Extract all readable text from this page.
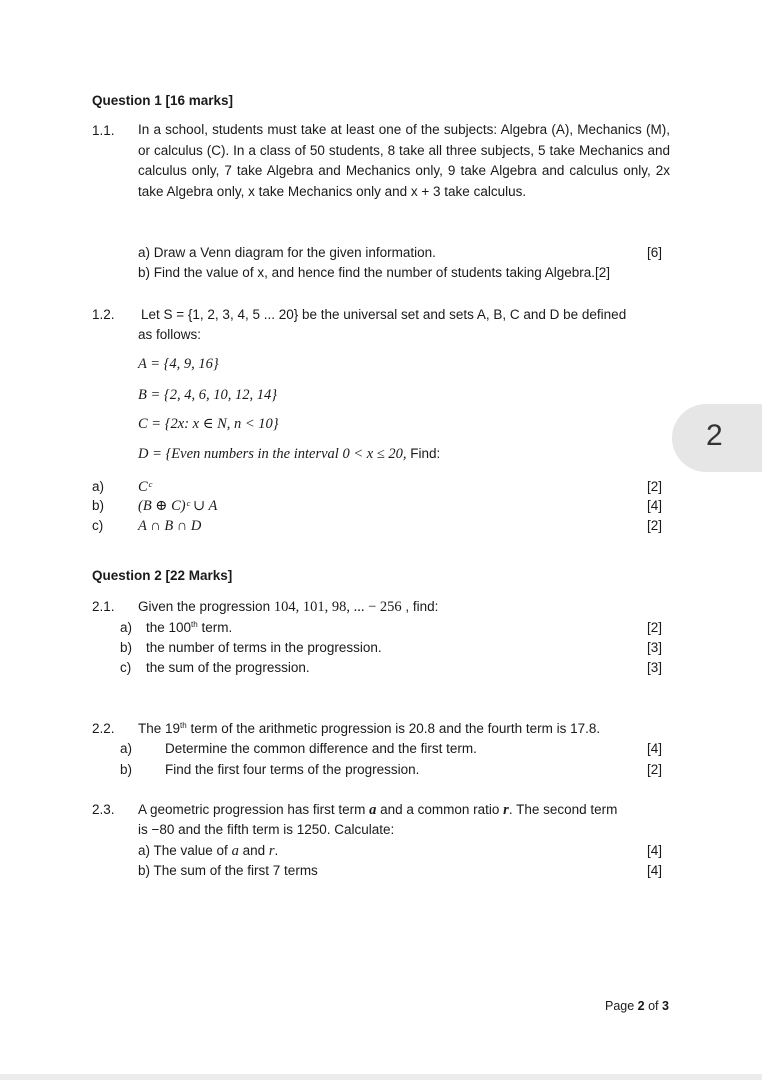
Question 1 [16 marks]
1.1. In a school, students must take at least one of the subjects: Algebra (A), Mechanics (M), or calculus (C). In a class of 50 students, 8 take all three subjects, 5 take Mechanics and calculus only, 7 take Algebra and Mechanics only, 9 take Algebra and calculus only, 2x take Algebra only, x take Mechanics only and x + 3 take calculus.
a) Draw a Venn diagram for the given information.	[6]
b) Find the value of x, and hence find the number of students taking Algebra.[2]
1.2. Let S = {1, 2, 3, 4, 5 ... 20} be the universal set and sets A, B, C and D be defined
as follows:
A = {4, 9, 16}
B = {2, 4, 6, 10, 12, 14}
C = {2x: x ∈ N, n < 10}
D = {Even numbers in the interval 0 < x ≤ 20, Find:
a) Cᶜ	[2]
b) (B ⊕ C)ᶜ ∪ A	[4]
c) A ∩ B ∩ D	[2]
Question 2 [22 Marks]
2.1. Given the progression 104, 101, 98, ... − 256 , find:
a) the 100th term.	[2]
b) the number of terms in the progression.	[3]
c) the sum of the progression.	[3]
2.2. The 19th term of the arithmetic progression is 20.8 and the fourth term is 17.8.
a) Determine the common difference and the first term.	[4]
b) Find the first four terms of the progression.	[2]
2.3. A geometric progression has first term a and a common ratio r. The second term
is −80 and the fifth term is 1250. Calculate:
a) The value of a and r.	[4]
b) The sum of the first 7 terms	[4]
Page 2 of 3
2
